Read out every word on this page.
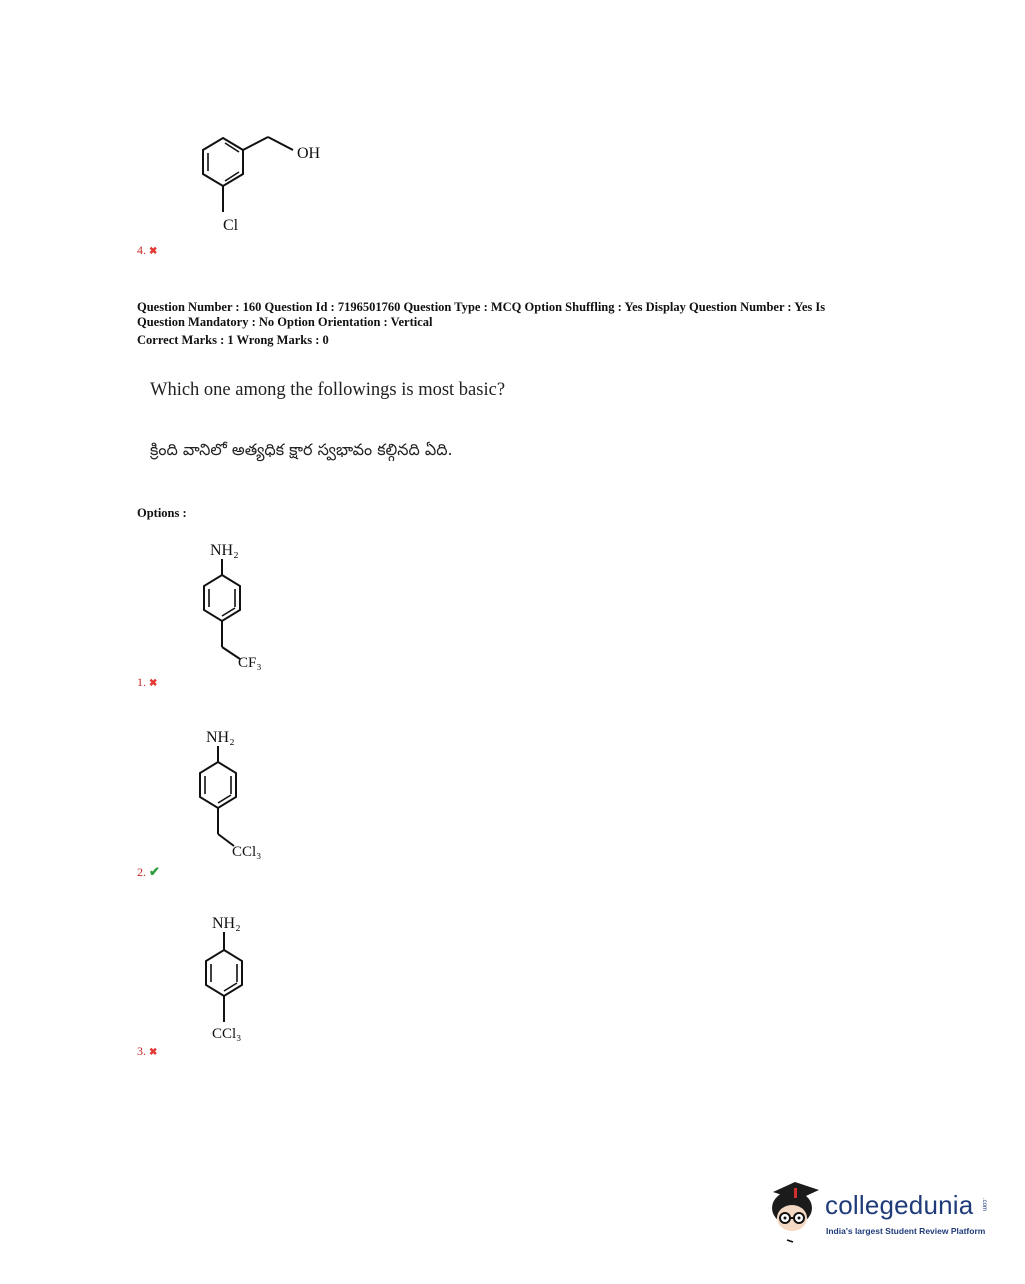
OH
Cl
4. ✖
Question Number : 160 Question Id : 7196501760 Question Type : MCQ Option Shuffling : Yes Display Question Number : Yes Is
Question Mandatory : No Option Orientation : Vertical
Correct Marks : 1 Wrong Marks : 0
Which one among the followings is most basic?
క్రింది వానిలో అత్యధిక క్షార స్వభావం కల్గినది ఏది.
Options :
NH₂
CF₃
1. ✖
NH₂
CCl₃
2. ✔
NH₂
CCl₃
3. ✖
collegedunia .com
India's largest Student Review Platform
